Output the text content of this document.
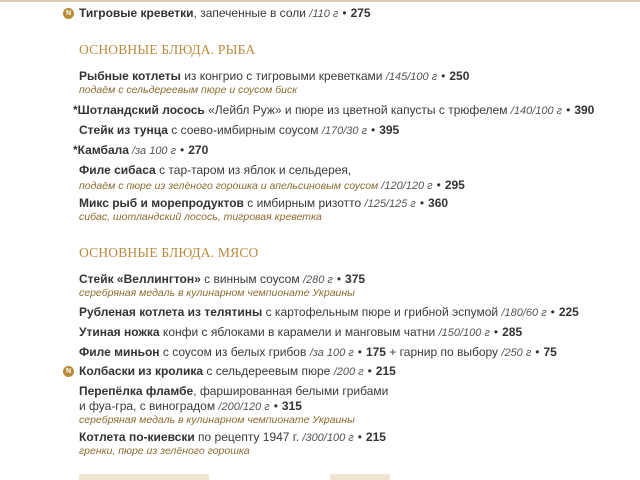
N Тигровые креветки, запеченные в соли /110 г • 275
ОСНОВНЫЕ БЛЮДА. РЫБА
Рыбные котлеты из конгрио с тигровыми креветками /145/100 г • 250
подаём с сельдереевым пюре и соусом биск
*Шотландский лосось «Лейбл Руж» и пюре из цветной капусты с трюфелем /140/100 г • 390
Стейк из тунца с соево-имбирным соусом /170/30 г • 395
*Камбала /за 100 г • 270
Филе сибаса с тар-таром из яблок и сельдерея,
подаём с пюре из зелёного горошка и апельсиновым соусом /120/120 г • 295
Микс рыб и морепродуктов с имбирным ризотто /125/125 г • 360
сибас, шотландский лосось, тигровая креветка
ОСНОВНЫЕ БЛЮДА. МЯСО
Стейк «Веллингтон» с винным соусом /280 г • 375
серебряная медаль в кулинарном чемпионате Украины
Рубленая котлета из телятины с картофельным пюре и грибной эспумой /180/60 г • 225
Утиная ножка конфи с яблоками в карамели и манговым чатни /150/100 г • 285
Филе миньон с соусом из белых грибов /за 100 г • 175 + гарнир по выбору /250 г • 75
N Колбаски из кролика с сельдереевым пюре /200 г • 215
Перепёлка фламбе, фаршированная белыми грибами
и фуа-гра, с виноградом /200/120 г • 315
серебряная медаль в кулинарном чемпионате Украины
Котлета по-киевски по рецепту 1947 г. /300/100 г • 215
гренки, пюре из зелёного горошка
